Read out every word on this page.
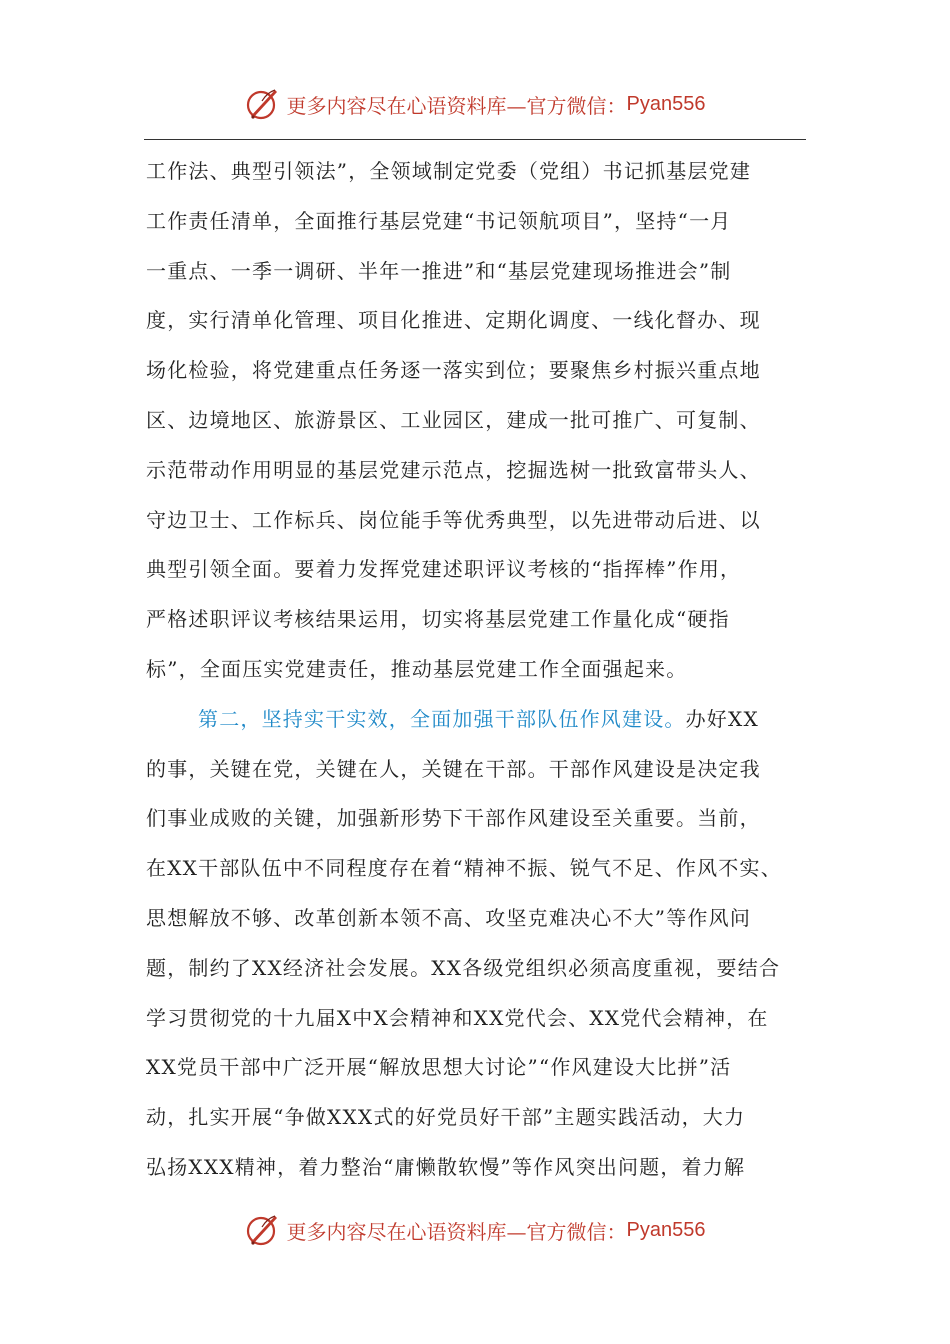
更多内容尽在心语资料库—官方微信： Pyan556
工作法、典型引领法”，全领域制定党委（党组）书记抓基层党建
工作责任清单，全面推行基层党建“书记领航项目”，坚持“一月
一重点、一季一调研、半年一推进”和“基层党建现场推进会”制
度，实行清单化管理、项目化推进、定期化调度、一线化督办、现
场化检验，将党建重点任务逐一落实到位；要聚焦乡村振兴重点地
区、边境地区、旅游景区、工业园区，建成一批可推广、可复制、
示范带动作用明显的基层党建示范点，挖掘选树一批致富带头人、
守边卫士、工作标兵、岗位能手等优秀典型，以先进带动后进、以
典型引领全面。要着力发挥党建述职评议考核的“指挥棒”作用，
严格述职评议考核结果运用，切实将基层党建工作量化成“硬指
标”，全面压实党建责任，推动基层党建工作全面强起来。
第二，坚持实干实效，全面加强干部队伍作风建设。办好XX
的事，关键在党，关键在人，关键在干部。干部作风建设是决定我
们事业成败的关键，加强新形势下干部作风建设至关重要。当前，
在XX干部队伍中不同程度存在着“精神不振、锐气不足、作风不实、
思想解放不够、改革创新本领不高、攻坚克难决心不大”等作风问
题，制约了XX经济社会发展。XX各级党组织必须高度重视，要结合
学习贯彻党的十九届X中X会精神和XX党代会、XX党代会精神，在
XX党员干部中广泛开展“解放思想大讨论”“作风建设大比拼”活
动，扎实开展“争做XXX式的好党员好干部”主题实践活动，大力
弘扬XXX精神，着力整治“庸懒散软慢”等作风突出问题，着力解
更多内容尽在心语资料库—官方微信： Pyan556
